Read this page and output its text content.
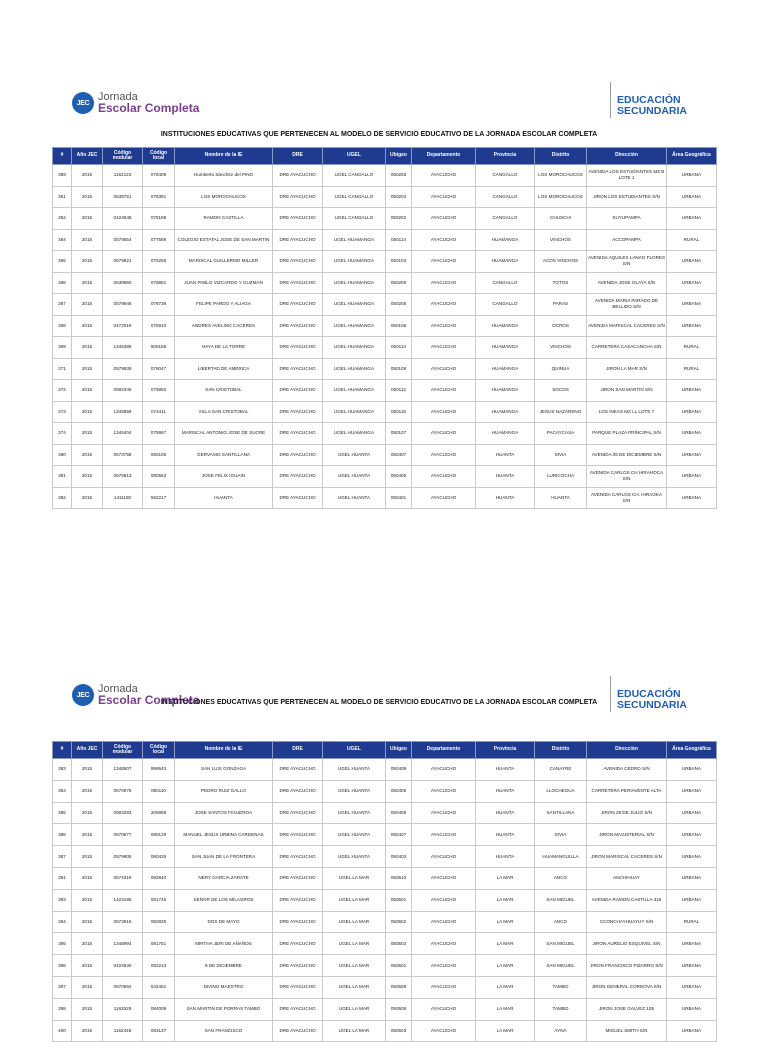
JEC Jornada
Escolar Completa
EDUCACIÓN
SECUNDARIA
INSTITUCIONES EDUCATIVAS QUE PERTENECEN AL MODELO DE SERVICIO EDUCATIVO DE LA JORNADA ESCOLAR COMPLETA
#	Año JEC	Código modular	Código local	Nombre de la IE	DRE	UGEL	Ubigeo	Departamento	Provincia	Distrito	Dirección	Área Geográfica
359	2015	1162122	078409	Humberto Sánchez del PINO	DRE AYACUCHO	UGEL CANGALLO	050203	AYACUCHO	CANGALLO	LOS MOROCHUCOS	AVENIDA LOS ESTUDIANTES MZ B LOTE 1	URBANA
361	2015	0538751	078391	LOS MOROCHUCOS	DRE AYACUCHO	UGEL CANGALLO	050203	AYACUCHO	CANGALLO	LOS MOROCHUCOS	JIRON LOS ESTUDIANTES S/N	URBANA
362	2015	0424648	078188	RAMON CASTILLA	DRE AYACUCHO	UGEL CANGALLO	050202	AYACUCHO	CANGALLO	CHUSCHI	SUYUPAMPA	URBANA
364	2015	0579854	077589	COLEGIO ESTATAL JOSE DE SAN MARTIN	DRE AYACUCHO	UGEL HUAMANGA	050114	AYACUCHO	HUAMANGA	VINCHOS	ACCOPAMPA	RURAL
365	2015	0579821	075255	MARISCAL GUILLERMO MILLER	DRE AYACUCHO	UGEL HUAMANGA	050103	AYACUCHO	HUAMANGA	ACOS VINCHOS	AVENIDA AQUILES LANAO FLORES S/N	URBANA
366	2015	0538850	078881	JUAN PABLO VIZCARDO Y GUZMAN	DRE AYACUCHO	UGEL HUAMANGA	050206	AYACUCHO	CANGALLO	TOTOS	AVENIDA JOSE OLAYA S/N	URBANA
367	2015	0579946	078739	FELIPE PARDO Y ALIAGA	DRE AYACUCHO	UGEL HUAMANGA	050205	AYACUCHO	CANGALLO	PARAS	AVENIDA MARIA PARADO DE BELLIDO S/N	URBANA
368	2015	0472019	075910	ANDRES AVELINO CACERES	DRE AYACUCHO	UGEL HUAMANGA	050106	AYACUCHO	HUAMANGA	OCROS	AVENIDA MARISCAL CACERES S/N	URBANA
369	2015	1345388	509159	HAYA DE LA TORRE	DRE AYACUCHO	UGEL HUAMANGA	050114	AYACUCHO	HUAMANGA	VINCHOS	CARRETERA CASACANCHA S/N	RURAL
371	2015	0579839	076047	LIBERTAD DE AMERICA	DRE AYACUCHO	UGEL HUAMANGA	050108	AYACUCHO	HUAMANGA	QUINUA	JIRON LA MAR S/N	RURAL
372	2015	0592345	076882	SAN CRISTOBAL	DRE AYACUCHO	UGEL HUAMANGA	050112	AYACUCHO	HUAMANGA	SOCOS	JIRON SAN MARTIN S/N	URBANA
373	2015	1345859	074411	VILLA SAN CRISTOBAL	DRE AYACUCHO	UGEL HUAMANGA	050115	AYACUCHO	HUAMANGA	JESUS NAZARENO	LOS INKAS MZ LL LOTE 7	URBANA
374	2015	1345404	075967	MARISCAL ANTONIO JOSE DE SUCRE	DRE AYACUCHO	UGEL HUAMANGA	050107	AYACUCHO	HUAMANGA	PACAYCASA	PARQUE PLAZA PRINCIPAL S/N	URBANA
380	2015	0573758	080105	GERVASIO SANTILLANA	DRE AYACUCHO	UGEL HUANTA	050407	AYACUCHO	HUANTA	SIVIA	AVENIDA 08 DE DICIEMBRE S/N	URBANA
381	2015	0579813	080563	JOSE FELIX IGUAIN	DRE AYACUCHO	UGEL HUANTA	050405	AYACUCHO	HUANTA	LURICOCHA	AVENIDA CARLOS CH HIRAHOCA S/N	URBANA
382	2015	1411180	562217	HUANTA	DRE AYACUCHO	UGEL HUANTA	050401	AYACUCHO	HUANTA	HUANTA	AVENIDA CARLOS CH. HIRAOKA S/N	URBANA
JEC Jornada
Escolar Completa	EDUCACIÓN
SECUNDARIA
INSTITUCIONES EDUCATIVAS QUE PERTENECEN AL MODELO DE SERVICIO EDUCATIVO DE LA JORNADA ESCOLAR COMPLETA
#	Año JEC	Código modular	Código local	Nombre de la IE	DRE	UGEL	Ubigeo	Departamento	Provincia	Distrito	Dirección	Área Geográfica
383	2015	1348507	999643	SAN LUIS GONZAGA	DRE AYACUCHO	UGEL HUANTA	050409	AYACUCHO	HUANTA	CANAYRE	AVENIDA CEDRO S/N	URBANA
384	2015	0670976	080110	PEDRO RUIZ GALLO	DRE AYACUCHO	UGEL HUANTA	050408	AYACUCHO	HUANTA	LLOCHEGUA	CARRETERA PERIAVENTE ALTA	URBANA
385	2015	0593293	205959	JOSE SANTOS FIGUEROA	DRE AYACUCHO	UGEL HUANTA	050406	AYACUCHO	HUANTA	SANTILLANA	JIRON 28 DE JULIO S/N	URBANA
386	2015	0670877	080129	MANUEL JESUS URBINA CARDENAS	DRE AYACUCHO	UGEL HUANTA	050407	AYACUCHO	HUANTA	SIVIA	JIRON MAGISTERIAL S/N	URBANA
387	2015	0579805	080426	SAN JUAN DE LA FRONTERA	DRE AYACUCHO	UGEL HUANTA	050403	AYACUCHO	HUANTA	HUAMANGUILLA	JIRON MARISCAL CACERES S/N	URBANA
391	2015	0574319	082840	NERY GARCIA ZARATE	DRE AYACUCHO	UGEL LA MAR	050510	AYACUCHO	LA MAR	ANCO	ANCHIHUAY	URBANA
393	2015	1423185	081746	SEÑOR DE LOS MILAGROS	DRE AYACUCHO	UGEL LA MAR	050501	AYACUCHO	LA MAR	SAN MIGUEL	AVENIDA RAMON CASTILLA 316	URBANA
394	2015	0573816	082835	DOS DE MAYO	DRE AYACUCHO	UGEL LA MAR	050502	AYACUCHO	LA MAR	ANCO	CCONCHAYHUAYUY S/N	RURAL
395	2015	1348994	081751	MIRTHA JERI DE AÑAÑOS	DRE AYACUCHO	UGEL LA MAR	050503	AYACUCHO	LA MAR	SAN MIGUEL	JIRON AURELIO ESQUIVEL S/N	URBANA
396	2015	0424630	082213	9 DE DICIEMBRE	DRE AYACUCHO	UGEL LA MAR	050501	AYACUCHO	LA MAR	SAN MIGUEL	JIRON FRANCISCO PIZARRO S/N	URBANA
397	2015	0670992	542451	DIVINO MAESTRO	DRE AYACUCHO	UGEL LA MAR	050508	AYACUCHO	LA MAR	TAMBO	JIRON GENERAL CORDOVA S/N	URBANA
398	2015	1162528	084009	SAN MARTIN DE PORRAS TAMBO	DRE AYACUCHO	UGEL LA MAR	050508	AYACUCHO	LA MAR	TAMBO	JIRON JOSE GALVEZ 105	URBANA
400	2015	1162445	083137	SAN FRANCISCO	DRE AYACUCHO	UGEL LA MAR	050503	AYACUCHO	LA MAR	AYNA	MIGUEL SMITH S/N	URBANA
